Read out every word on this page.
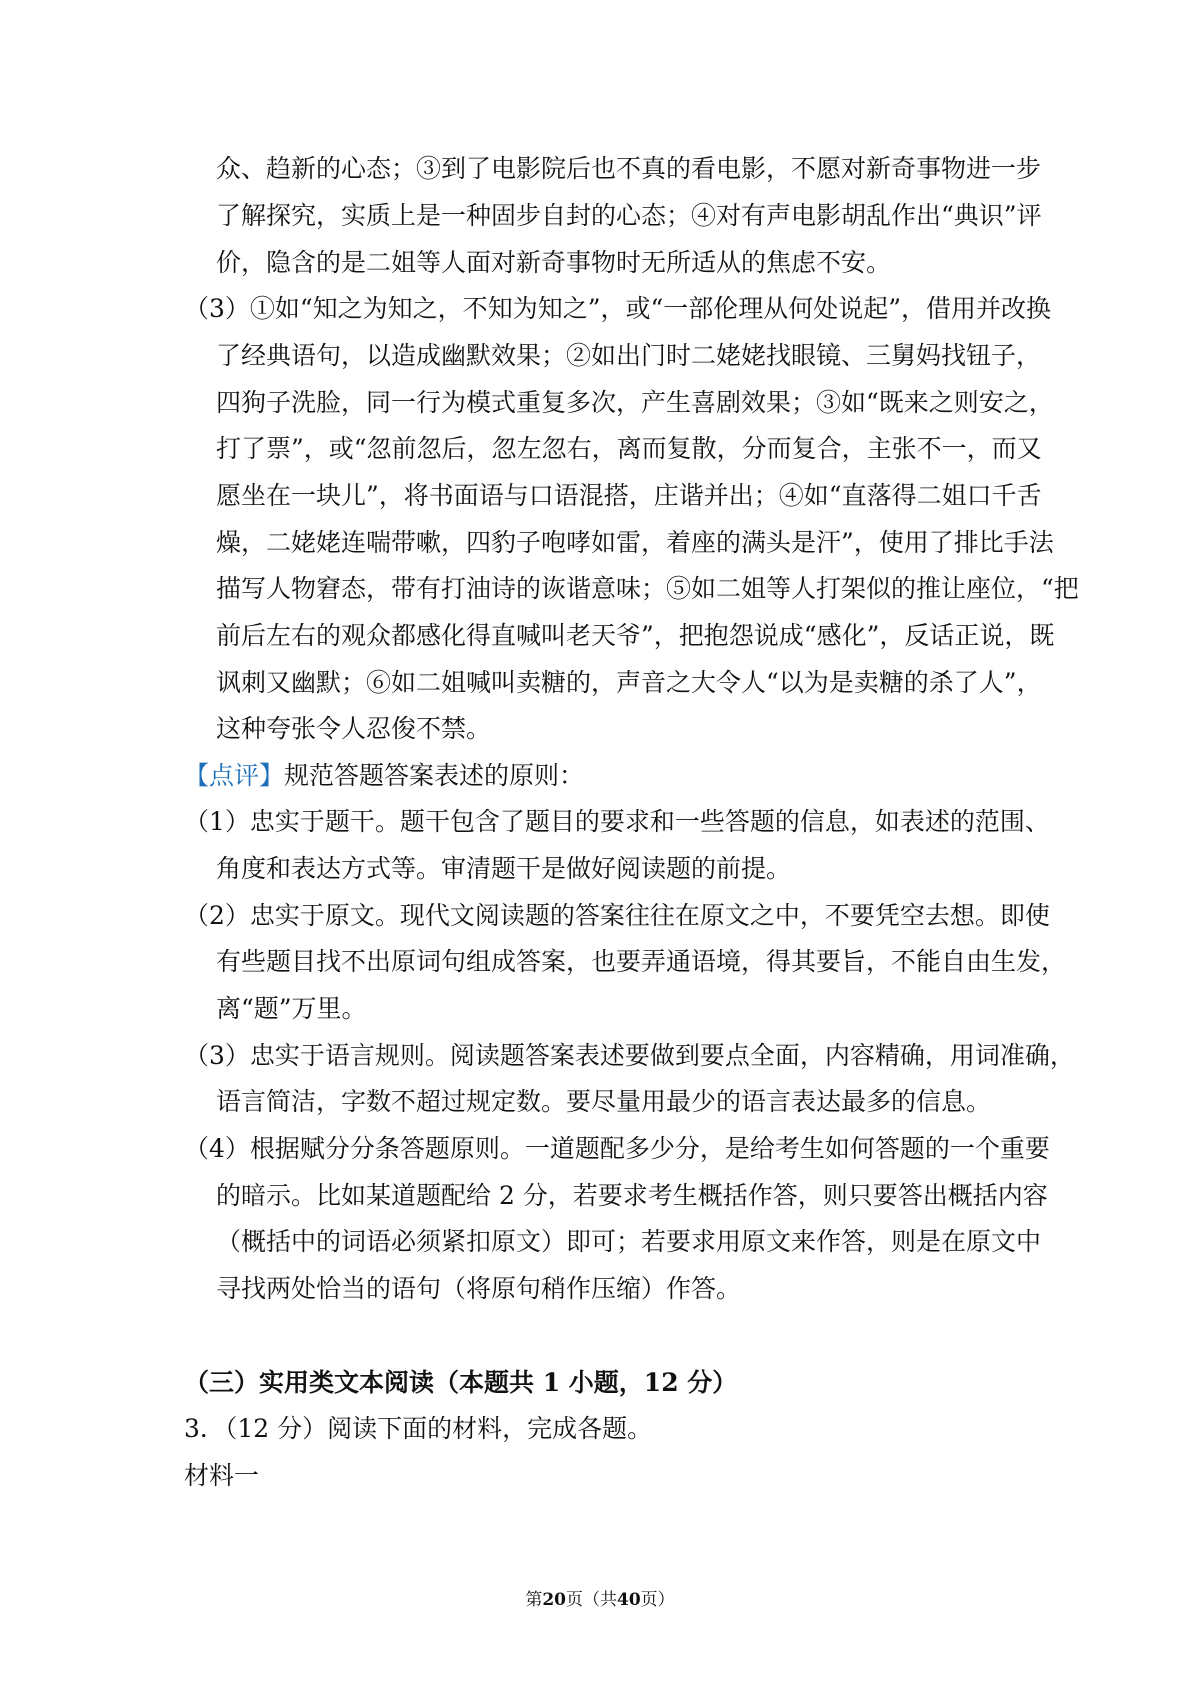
众、趋新的心态；③到了电影院后也不真的看电影，不愿对新奇事物进一步
了解探究，实质上是一种固步自封的心态；④对有声电影胡乱作出“典识”评
价，隐含的是二姐等人面对新奇事物时无所适从的焦虑不安。
（3）①如“知之为知之，不知为知之”，或“一部伦理从何处说起”，借用并改换
了经典语句，以造成幽默效果；②如出门时二姥姥找眼镜、三舅妈找钮子，
四狗子洗脸，同一行为模式重复多次，产生喜剧效果；③如“既来之则安之，
打了票”，或“忽前忽后，忽左忽右，离而复散，分而复合，主张不一，而又
愿坐在一块儿”，将书面语与口语混搭，庄谐并出；④如“直落得二姐口千舌
燥，二姥姥连喘带嗽，四豹子咆哮如雷，着座的满头是汗”，使用了排比手法
描写人物窘态，带有打油诗的诙谐意味；⑤如二姐等人打架似的推让座位，“把
前后左右的观众都感化得直喊叫老天爷”，把抱怨说成“感化”，反话正说，既
讽刺又幽默；⑥如二姐喊叫卖糖的，声音之大令人“以为是卖糖的杀了人”，
这种夸张令人忍俊不禁。
【点评】规范答题答案表述的原则：
（1）忠实于题干。题干包含了题目的要求和一些答题的信息，如表述的范围、
角度和表达方式等。审清题干是做好阅读题的前提。
（2）忠实于原文。现代文阅读题的答案往往在原文之中，不要凭空去想。即使
有些题目找不出原词句组成答案，也要弄通语境，得其要旨，不能自由生发，
离“题”万里。
（3）忠实于语言规则。阅读题答案表述要做到要点全面，内容精确，用词准确，
语言简洁，字数不超过规定数。要尽量用最少的语言表达最多的信息。
（4）根据赋分分条答题原则。一道题配多少分，是给考生如何答题的一个重要
的暗示。比如某道题配给 2 分，若要求考生概括作答，则只要答出概括内容
（概括中的词语必须紧扣原文）即可；若要求用原文来作答，则是在原文中
寻找两处恰当的语句（将原句稍作压缩）作答。
（三）实用类文本阅读（本题共 1 小题，12 分）
3．（12 分）阅读下面的材料，完成各题。
材料一
第20页（共40页）
